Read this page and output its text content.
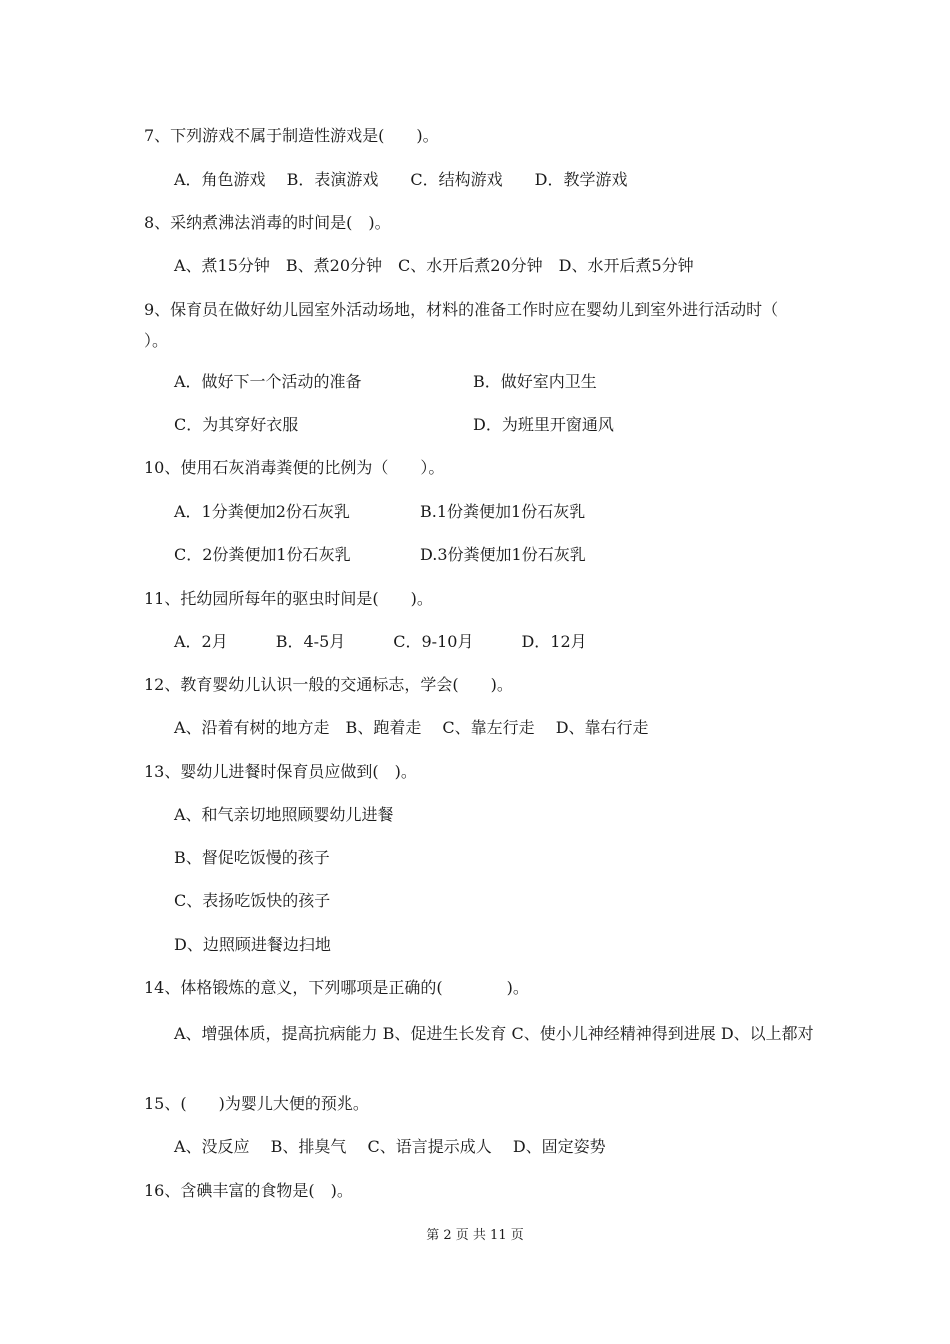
7、下列游戏不属于制造性游戏是(　　)。
A．角色游戏　 B．表演游戏　　C．结构游戏　　D．教学游戏
8、采纳煮沸法消毒的时间是(　)。
A、煮15分钟　B、煮20分钟　C、水开后煮20分钟　D、水开后煮5分钟
9、保育员在做好幼儿园室外活动场地，材料的准备工作时应在婴幼儿到室外进行活动时（
）。
A．做好下一个活动的准备	B．做好室内卫生
C．为其穿好衣服	D．为班里开窗通风
10、使用石灰消毒粪便的比例为（　　）。
A．1分粪便加2份石灰乳	B.1份粪便加1份石灰乳
C．2份粪便加1份石灰乳	D.3份粪便加1份石灰乳
11、托幼园所每年的驱虫时间是(　　)。
A．2月　　　B．4-5月　　　C．9-10月　　　D．12月
12、教育婴幼儿认识一般的交通标志，学会(　　)。
A、沿着有树的地方走　B、跑着走　 C、靠左行走　 D、靠右行走
13、婴幼儿进餐时保育员应做到(　)。
A、和气亲切地照顾婴幼儿进餐
B、督促吃饭慢的孩子
C、表扬吃饭快的孩子
D、边照顾进餐边扫地
14、体格锻炼的意义，下列哪项是正确的(　　　　)。
A、增强体质，提高抗病能力 B、促进生长发育 C、使小儿神经精神得到进展 D、以上都对
15、(　　)为婴儿大便的预兆。
A、没反应　 B、排臭气　 C、语言提示成人　 D、固定姿势
16、含碘丰富的食物是(　)。
第 2 页 共 11 页
